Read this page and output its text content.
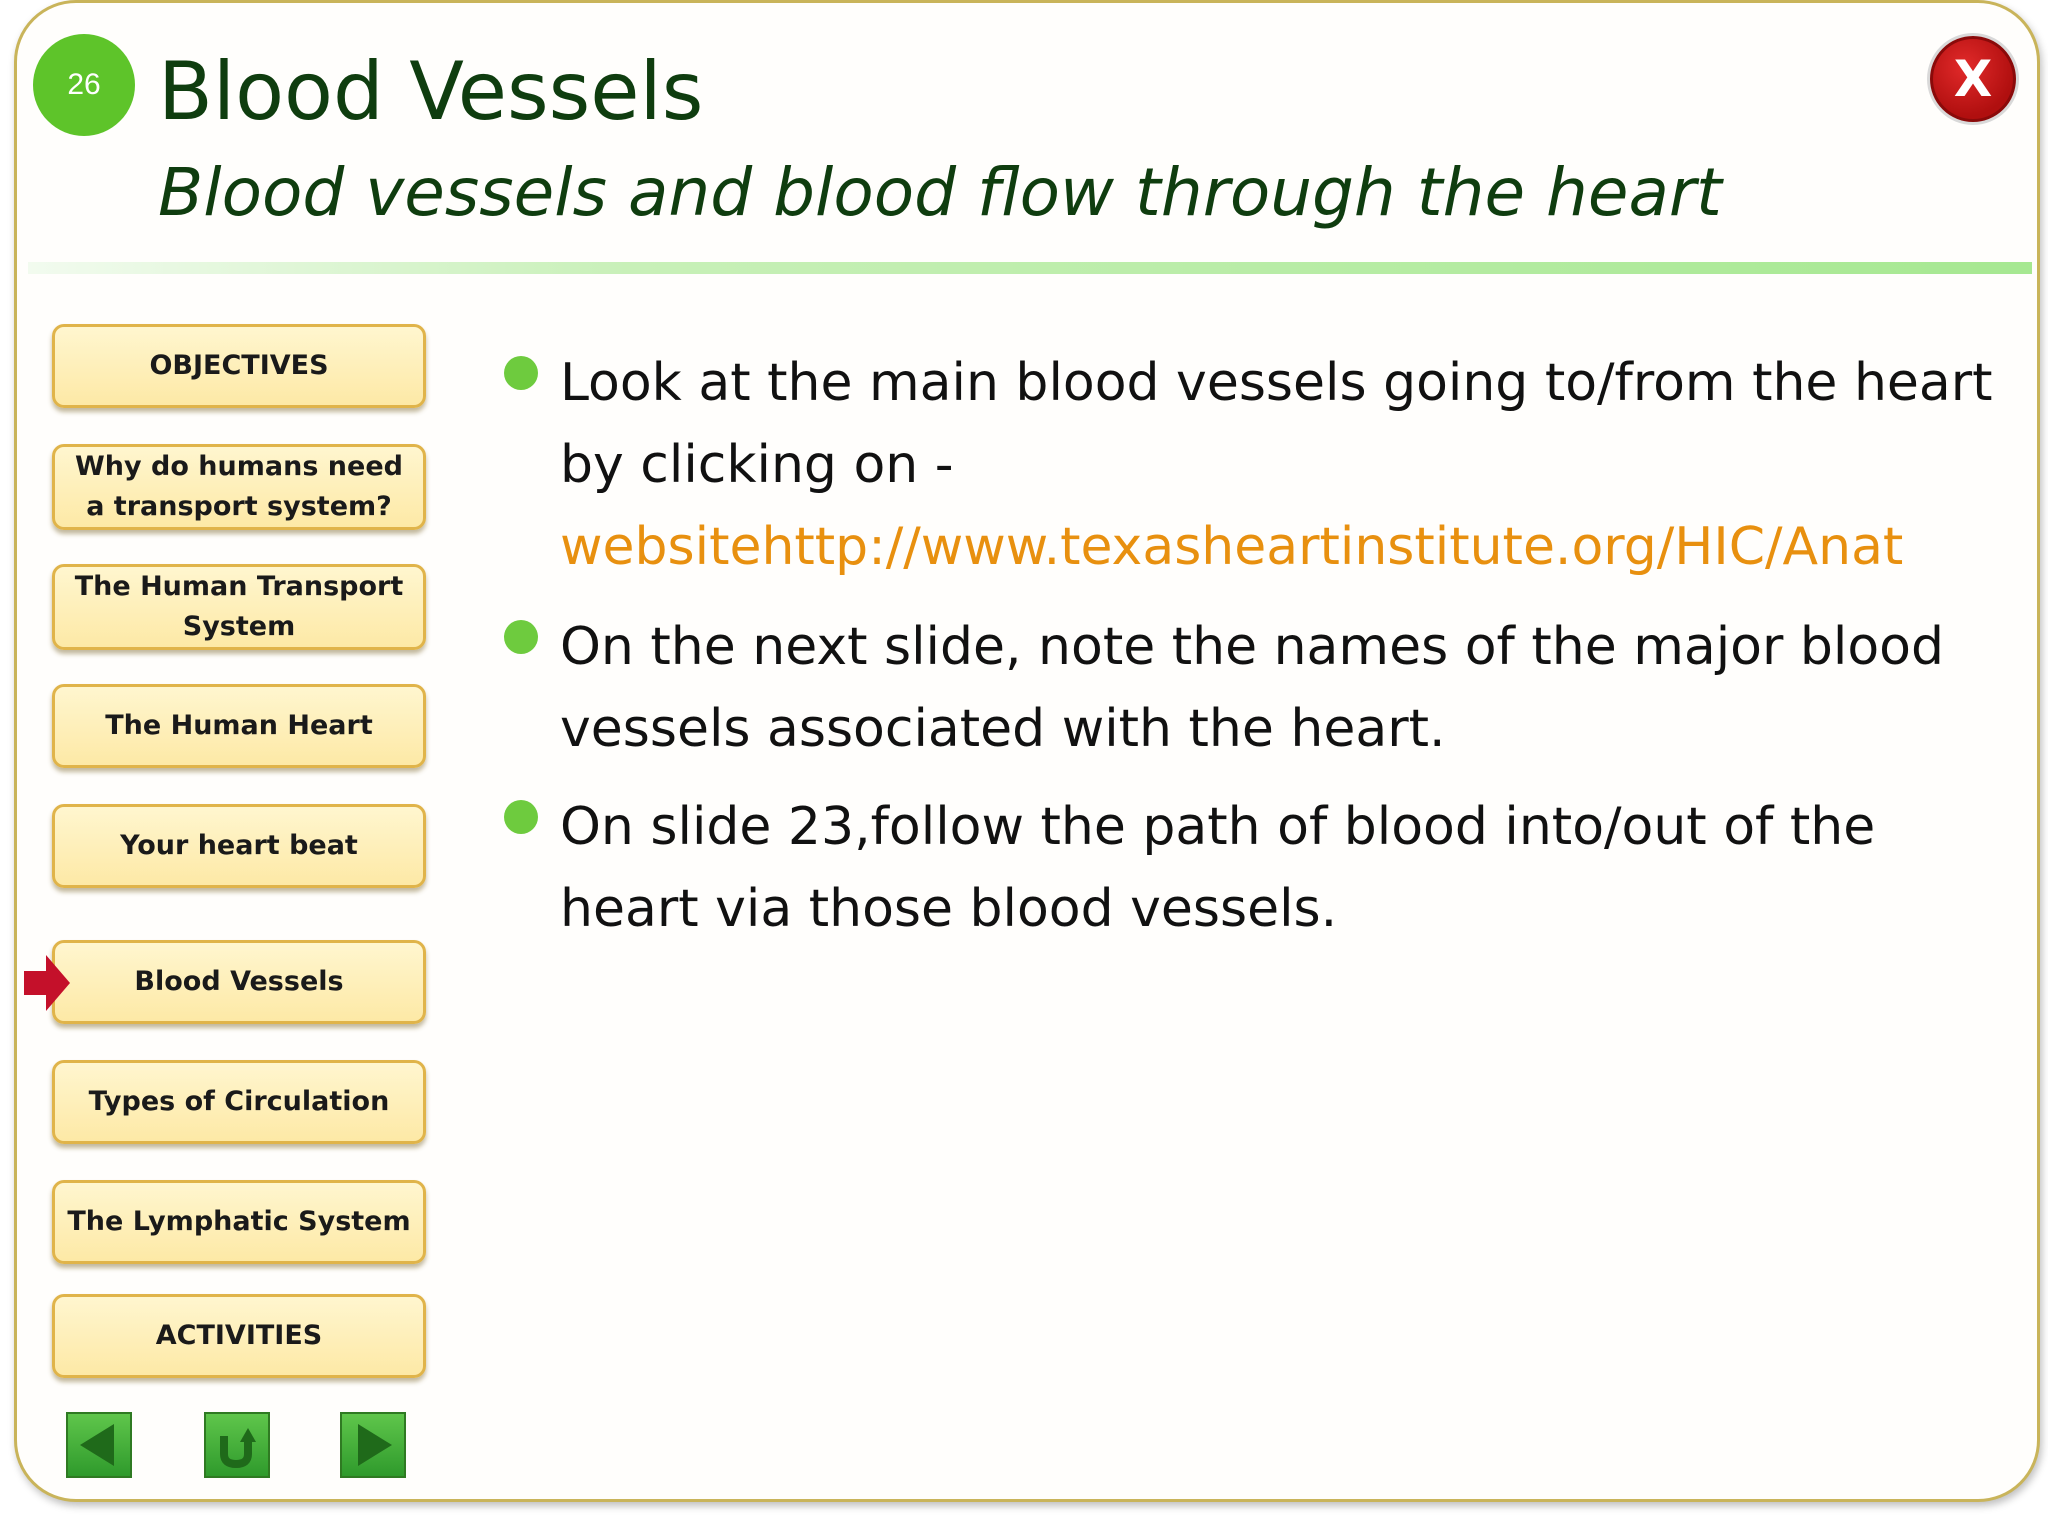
26 Blood Vessels
Blood vessels and blood flow through the heart
X
OBJECTIVES
Why do humans need a transport system?
The Human Transport System
The Human Heart
Your heart beat
Blood Vessels
Types of Circulation
The Lymphatic System
ACTIVITIES
Look at the main blood vessels going to/from the heart by clicking on -
websitehttp://www.texasheartinstitute.org/HIC/Anat
On the next slide, note the names of the major blood vessels associated with the heart.
On slide 23,follow the path of blood into/out of the heart via those blood vessels.
